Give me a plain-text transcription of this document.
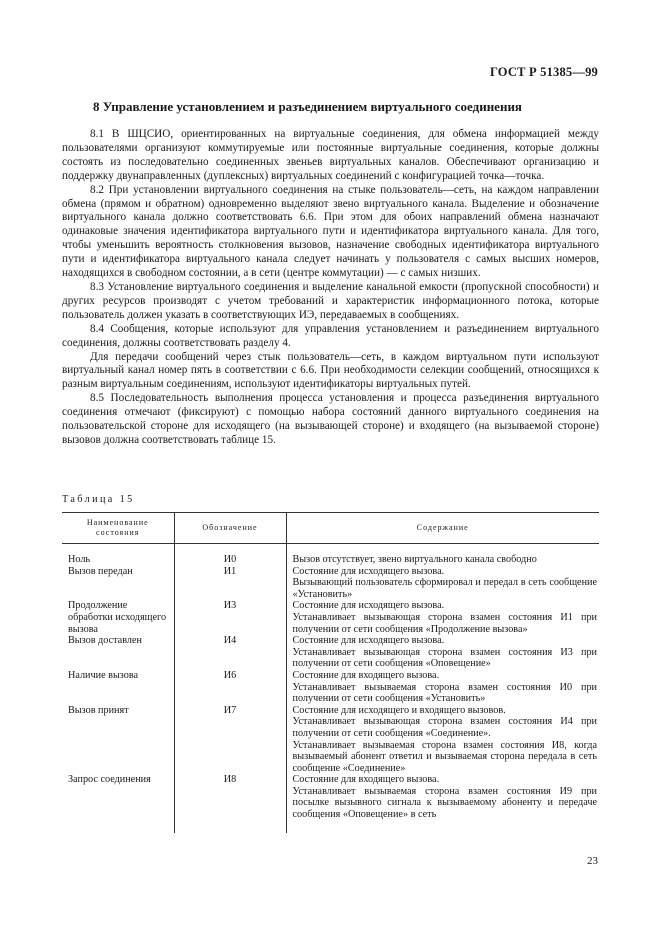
ГОСТ Р 51385—99
8 Управление установлением и разъединением виртуального соединения

8.1 В ШЦСИО, ориентированных на виртуальные соединения, для обмена информацией между пользователями организуют коммутируемые или постоянные виртуальные соединения, которые должны состоять из последовательно соединенных звеньев виртуальных каналов. Обеспечивают организацию и поддержку двунаправленных (дуплексных) виртуальных соединений с конфигурацией точка—точка.

8.2 При установлении виртуального соединения на стыке пользователь—сеть, на каждом направлении обмена (прямом и обратном) одновременно выделяют звено виртуального канала. Выделение и обозначение виртуального канала должно соответствовать 6.6. При этом для обоих направлений обмена назначают одинаковые значения идентификатора виртуального пути и идентификатора виртуального канала. Для того, чтобы уменьшить вероятность столкновения вызовов, назначение свободных идентификатора виртуального пути и идентификатора виртуального канала следует начинать у пользователя с самых высших номеров, находящихся в свободном состоянии, а в сети (центре коммутации) — с самых низших.

8.3 Установление виртуального соединения и выделение канальной емкости (пропускной способности) и других ресурсов производят с учетом требований и характеристик информационного потока, которые пользователь должен указать в соответствующих ИЭ, передаваемых в сообщениях.

8.4 Сообщения, которые используют для управления установлением и разъединением виртуального соединения, должны соответствовать разделу 4.

Для передачи сообщений через стык пользователь—сеть, в каждом виртуальном пути используют виртуальный канал номер пять в соответствии с 6.6. При необходимости селекции сообщений, относящихся к разным виртуальным соединениям, используют идентификаторы виртуальных путей.

8.5 Последовательность выполнения процесса установления и процесса разъединения виртуального соединения отмечают (фиксируют) с помощью набора состояний данного виртуального соединения на пользовательской стороне для исходящего (на вызывающей стороне) и входящего (на вызываемой стороне) вызовов должна соответствовать таблице 15.

Таблица 15
Наименование состояния	Обозначение	Содержание

Ноль	И0	Вызов отсутствует, звено виртуального канала свободно

Вызов передан	И1	Состояние для исходящего вызова.
Вызывающий пользователь сформировал и передал в сеть сообщение «Установить»

Продолжение обработки исходящего вызова	И3	Состояние для исходящего вызова.
Устанавливает вызывающая сторона взамен состояния И1 при получении от сети сообщения «Продолжение вызова»

Вызов доставлен	И4	Состояние для исходящего вызова.
Устанавливает вызывающая сторона взамен состояния И3 при получении от сети сообщения «Оповещение»

Наличие вызова	И6	Состояние для входящего вызова.
Устанавливает вызываемая сторона взамен состояния И0 при получении от сети сообщения «Установить»

Вызов принят	И7	Состояние для исходящего и входящего вызовов.
Устанавливает вызывающая сторона взамен состояния И4 при получении от сети сообщения «Соединение».
Устанавливает вызываемая сторона взамен состояния И8, когда вызываемый абонент ответил и вызываемая сторона передала в сеть сообщение «Соединение»

Запрос соединения	И8	Состояние для входящего вызова.
Устанавливает вызываемая сторона взамен состояния И9 при посылке вызывного сигнала к вызываемому абоненту и передаче сообщения «Оповещение» в сеть
23
